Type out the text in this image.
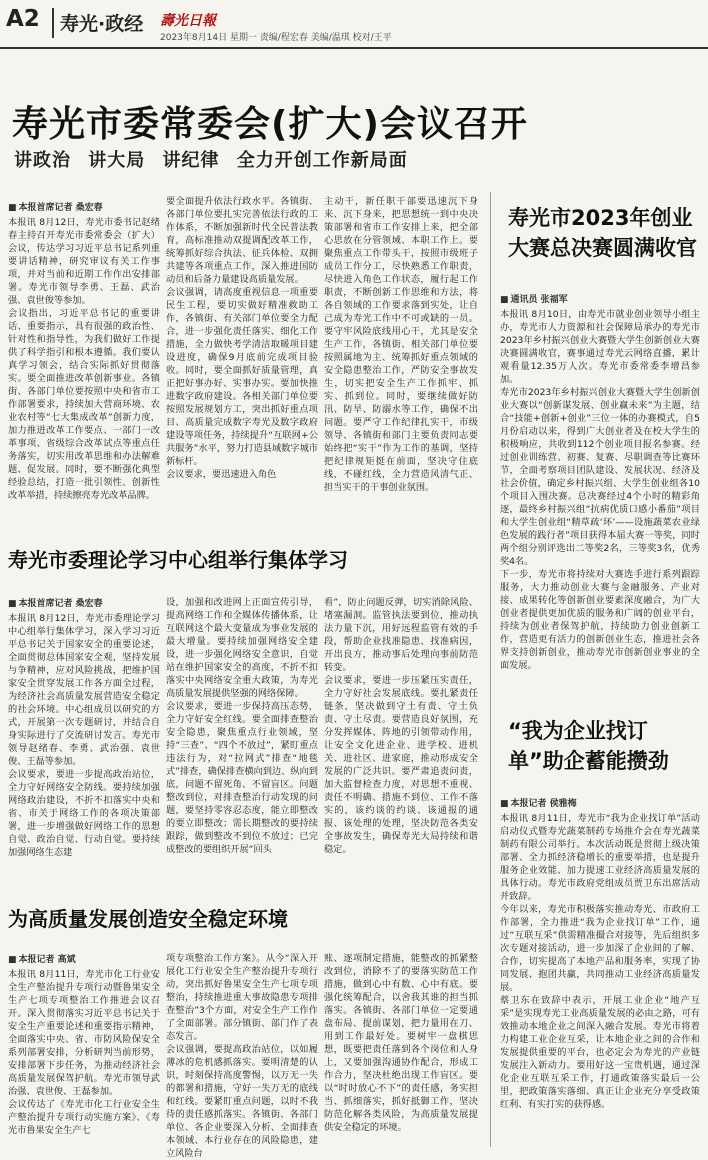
A2 寿光·政经 壽光日報
2023年8月14日 星期一 责编/程宏春 美编/温琪 校对/王平
寿光市委常委会(扩大)会议召开
讲政治 讲大局 讲纪律 全力开创工作新局面
■ 本报首席记者 桑宏春
本报讯 8月12日，寿光市委书记赵绪春主持召开寿光市委常委会（扩大）会议，传达学习习近平总书记系列重要讲话精神，研究审议有关工作事项，并对当前和近期工作作出安排部署。寿光市领导李勇、王磊、武治强、袁世俊等参加。
会议指出，习近平总书记的重要讲话、重要指示，具有很强的政治性、针对性和指导性，为我们做好工作提供了科学指引和根本遵循。我们要认真学习领会，结合实际抓好贯彻落实。要全面推进改革创新事业。各镇街、各部门单位要按照中央和省市工作部署要求，持续加大营商环境、农业农村等“七大集成改革”创新力度，加力推进改革工作要点、一部门一改革事项、省级综合改革试点等重点任务落实，切实用改革思维和办法解难题、促发展。同时，要不断强化典型经验总结，打造一批引领性、创新性改革举措，持续擦亮寿光改革品牌。
要全面提升依法行政水平。各镇街、各部门单位要扎实完善依法行政的工作体系，不断加强新时代全民普法教育，高标准推动双提调配改革工作，统筹抓好综合执法、征兵体检、双拥共建等各项重点工作，深入推进国防动员和后备力量建设高质量发展。
会议强调，请高度重视信息一项重要民生工程，要切实做好精准救助工作，各镇街、有关部门单位要全力配合，进一步强化责任落实、细化工作措施，全力做快考学清洁取暖项目建设进度，确保9月底前完成项目验收。同时，要全面抓好质量管理，真正把好事办好、实事办实。要加快推进数字政府建设。各相关部门单位要按照发展规划方工，突出抓好重点项目、高质量完成数字寿光及数字政府建设等项任务，持续提升“互联网+公共服务”水平，努力打造县域数字城市新标杆。
会议要求，要迅速进入角色
主动干，新任职干部要迅速沉下身来、沉下身来，把思想统一到中央决策部署和省市工作安排上来，把全部心思放在分管领域、本职工作上。要聚焦重点工作带头干，按照市级班子成员工作分工，尽快熟悉工作职责，尽快进入角色工作状态，履行起工作职责，不断创新工作思维和方法，将各自领域的工作要求落到实处，让自己成为寿光工作中不可或缺的一员。要守牢风险底线用心干，尤其是安全生产工作，各镇街、相关部门单位要按照属地为主、统筹抓好重点领域的安全隐患整治工作，严防安全事故发生，切实把安全生产工作抓牢、抓实、抓到位。同时，要继续做好防汛、防旱、防溺水等工作，确保不出问题。要严守工作纪律扎实干，市级领导、各镇街和部门主要负责同志要始终把“实干”作为工作的基调，坚持把纪律规矩挺在前面，坚决守住底线，不碰红线，全力营造风清气正、担当实干的干事创业氛围。
寿光市2023年创业大赛总决赛圆满收官
■ 通讯员 张福军
本报讯 8月10日，由寿光市就业创业领导小组主办，寿光市人力资源和社会保障局承办的寿光市2023年乡村振兴创业大赛暨大学生创新创业大赛决赛圆满收官，赛事通过寿光云网络直播，累计观看量12.35万人次。寿光市委常委李增昌参加。
寿光市2023年乡村振兴创业大赛暨大学生创新创业大赛以“创新谋发展、创业赢未来”为主题，结合“技能+创新+创业”三位一体的办赛模式，自5月份启动以来，得到广大创业者及在校大学生的积极响应，共收到112个创业项目报名参赛。经过创业训练营、初赛、复赛、尽职调查等比赛环节，全面考察项目团队建设、发展状况、经济及社会价值，确定乡村振兴组、大学生创业组各10个项目入围决赛。总决赛经过4个小时的精彩角逐，最终乡村振兴组“抗病优质口感小番茄”项目和大学生创业组“精草疏‘环’——设施蔬菜农业绿色发展的践行者”项目获得本届大赛一等奖，同时两个组分别评选出二等奖2名，三等奖3名，优秀奖4名。
下一步，寿光市将持续对大赛选手进行系列跟踪服务，大力推动创业大赛与金融服务、产业对接、成果转化等创新创业要素深度融合，为广大创业者提供更加优质的服务和广阔的创业平台，持续为创业者保驾护航，持续助力创业创新工作，营造更有活力的创新创业生态，推进社会各界支持创新创业，推动寿光市创新创业事业的全面发展。
“我为企业找订单”助企蓄能攒劲
■ 本报记者 侯雅梅
本报讯 8月11日，寿光市“我为企业找订单”活动启动仪式暨寿光蔬菜制药专场推介会在寿光蔬菜制药有限公司举行。本次活动既是贯彻上级决策部署、全力抓经济稳增长的重要举措，也是提升服务企业效能、加力提速工业经济高质量发展的具体行动。寿光市政府党组成员贾卫东出席活动并致辞。
今年以来，寿光市积极落实推动寿光、市政府工作部署，全力推进“我为企业找订单”工作，通过“互联互采”供需精准撮合对接等，先后组织多次专题对接活动，进一步加深了企业间的了解、合作，切实提高了本地产品和服务率，实现了协同发展、抱团共赢，共同推动工业经济高质量发展。
蔡卫东在致辞中表示，开展工业企业“地产互采”是实现寿光工业高质量发展的必由之路，可有效推动本地企业之间深入融合发展。寿光市将着力构建工业企业互采，让本地企业之间的合作和发展提供重要的平台，也必定会为寿光的产业链发展注入新动力。要用好这一宝贵机遇，通过深化企业互联互采工作，打通政策落实最后一公里，把政策落实落细、真正让企业充分享受政策红利、有实打实的获得感。
寿光市委理论学习中心组举行集体学习
■ 本报首席记者 桑宏春
本报讯 8月12日，寿光市委理论学习中心组举行集体学习，深入学习习近平总书记关于国家安全的重要论述，全面贯彻总体国家安全观，坚持发展与争精神，应对风险挑战，把维护国家安全贯穿发展工作各方面全过程，为经济社会高质量发展营造安全稳定的社会环境。中心组成员以研究的方式，开展第一次专题研讨，并结合自身实际进行了交流研讨发言。寿光市领导赵绪春、李勇、武治强、袁世俊、王磊等参加。
会议要求，要进一步提高政治站位，全力守好网络安全防线。要持续加强网络政治建设，不折不扣落实中央和省、市关于网络工作的各项决策部署，进一步增强做好网络工作的思想自觉、政治自觉、行动自觉。要持续加强网络生态建
设，加强和改进网上正面宣传引导，提高网络工作和全媒体传播体系，让互联网这个最大变量成为事业发展的最大增量。要持续加强网络安全建设，进一步强化网络安全意识，自觉站在维护国家安全的高度，不折不扣落实中央网络安全重大政策，为寿光高质量发展提供坚强的网络保障。
会议要求，要进一步保持高压态势，全力守好安全红线。要全面排查整治安全隐患，聚焦重点行业领域，坚持“三查”、“四个不放过”，紧盯重点违法行为，对“拉网式”排查“地毯式”排查，确保排查横向到边、纵向到底，问题不留死角、不留盲区。问题整改到位，对排查整治行动发现的问题，要坚持零容忍态度，能立即整改的要立即整改；需长期整改的要持续跟踪，做到整改不到位不放过；已完成整改的要组织开展“回头
看”，防止问题反弹，切实消除风险、堵塞漏洞。监管执法要到位，推动执法力量下沉，用好远程监管有效的手段，帮助企业找准隐患、找准病因，开出良方，推动事后处理向事前防范转变。
会议要求，要进一步压紧压实责任，全力守好社会发展底线。要扎紧责任链条，坚决做到守土有责、守土负责、守土尽责。要营造良好氛围，充分发挥媒体、阵地的引领带动作用，让安全文化进企业、进学校、进机关、进社区、进家庭，推动形成安全发展的广泛共识。要严肃追责问责，加大监督检查力度，对思想不重视、责任不明确、措施不到位、工作不落实的，该约谈的约谈、该通报的通报、该处理的处理，坚决防范各类安全事故发生，确保寿光大局持续和谐稳定。
为高质量发展创造安全稳定环境
■ 本报记者 高斌
本报讯 8月11日，寿光市化工行业安全生产整治提升专项行动暨鲁果安全生产七项专项整治工作推进会议召开。深入贯彻落实习近平总书记关于安全生产重要论述和重要指示精神，全面落实中央、省、市防风险保安全系列部署安排，分析研判当前形势，安排部署下步任务，为推动经济社会高质量发展保驾护航。寿光市领导武治强、袁世俊、王磊参加。
会议传达了《寿光市化工行业安全生产整治提升专项行动实施方案》、《寿光市鲁果安全生产七
项专项整治工作方案》。从今“深入开展化工行业安全生产整治提升专项行动，突出抓好鲁果安全生产七项专项整治，持续推进重大事故隐患专项排查整治”3个方面，对安全生产工作作了全面部署。部分镇街、部门作了表态发言。
会议强调，要提高政治站位，以如履薄冰的危机感抓落实。要明清楚的认识，时刻保持高度警惕，以万无一失的都署和措施，守好一失万无的底线和红线。要紧盯重点问题，以时不我待的责任感抓落实。各镇街、各部门单位、各企业要深入分析、全面排查本领域、本行业存在的风险隐患，建立风险台
账、逐项制定措施，能整改的抓紧整改到位，消除不了的要落实防范工作措施，做到心中有数、心中有底。要强化统筹配合，以舍我其谁的担当抓落实。各镇街、各部门单位一定要通盘布局、提前谋划，把力量用在刀、用到工作最好处。要树牢一盘棋思想，既要把责任落到各个岗位和人身上，又要加强沟通协作配合，形成工作合力，坚决杜绝出现工作盲区。要以“时时放心不下”的责任感，务实担当、抓细落实，抓好抵御工作，坚决防范化解各类风险，为高质量发展提供安全稳定的环境。
